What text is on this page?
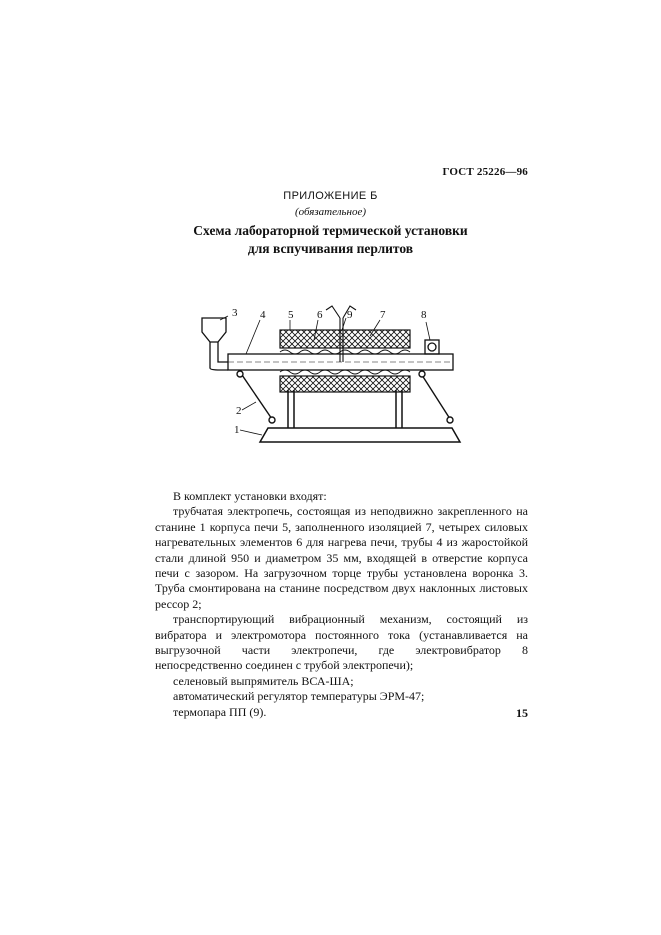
ГОСТ 25226—96
ПРИЛОЖЕНИЕ Б
(обязательное)
Схема лабораторной термической установки
для вспучивания перлитов
1
2
3 4 5 6	7	8
9

В комплект установки входят:

трубчатая электропечь, состоящая из неподвижно закрепленного на станине 1 корпуса печи 5, заполненного изоляцией 7, четырех силовых нагревательных элементов 6 для нагрева печи, трубы 4 из жаростойкой стали длиной 950 и диаметром 35 мм, входящей в отверстие корпуса печи с зазором. На загрузочном торце трубы установлена воронка 3. Труба смонтирована на станине посредством двух наклонных листовых рессор 2;

транспортирующий вибрационный механизм, состоящий из вибратора и электромотора постоянного тока (устанавливается на выгрузочной части электропечи, где электровибратор 8 непосредственно соединен с трубой электропечи);

селеновый выпрямитель ВСА-ШA;

автоматический регулятор температуры ЭРМ-47;

термопара ПП (9).	15
